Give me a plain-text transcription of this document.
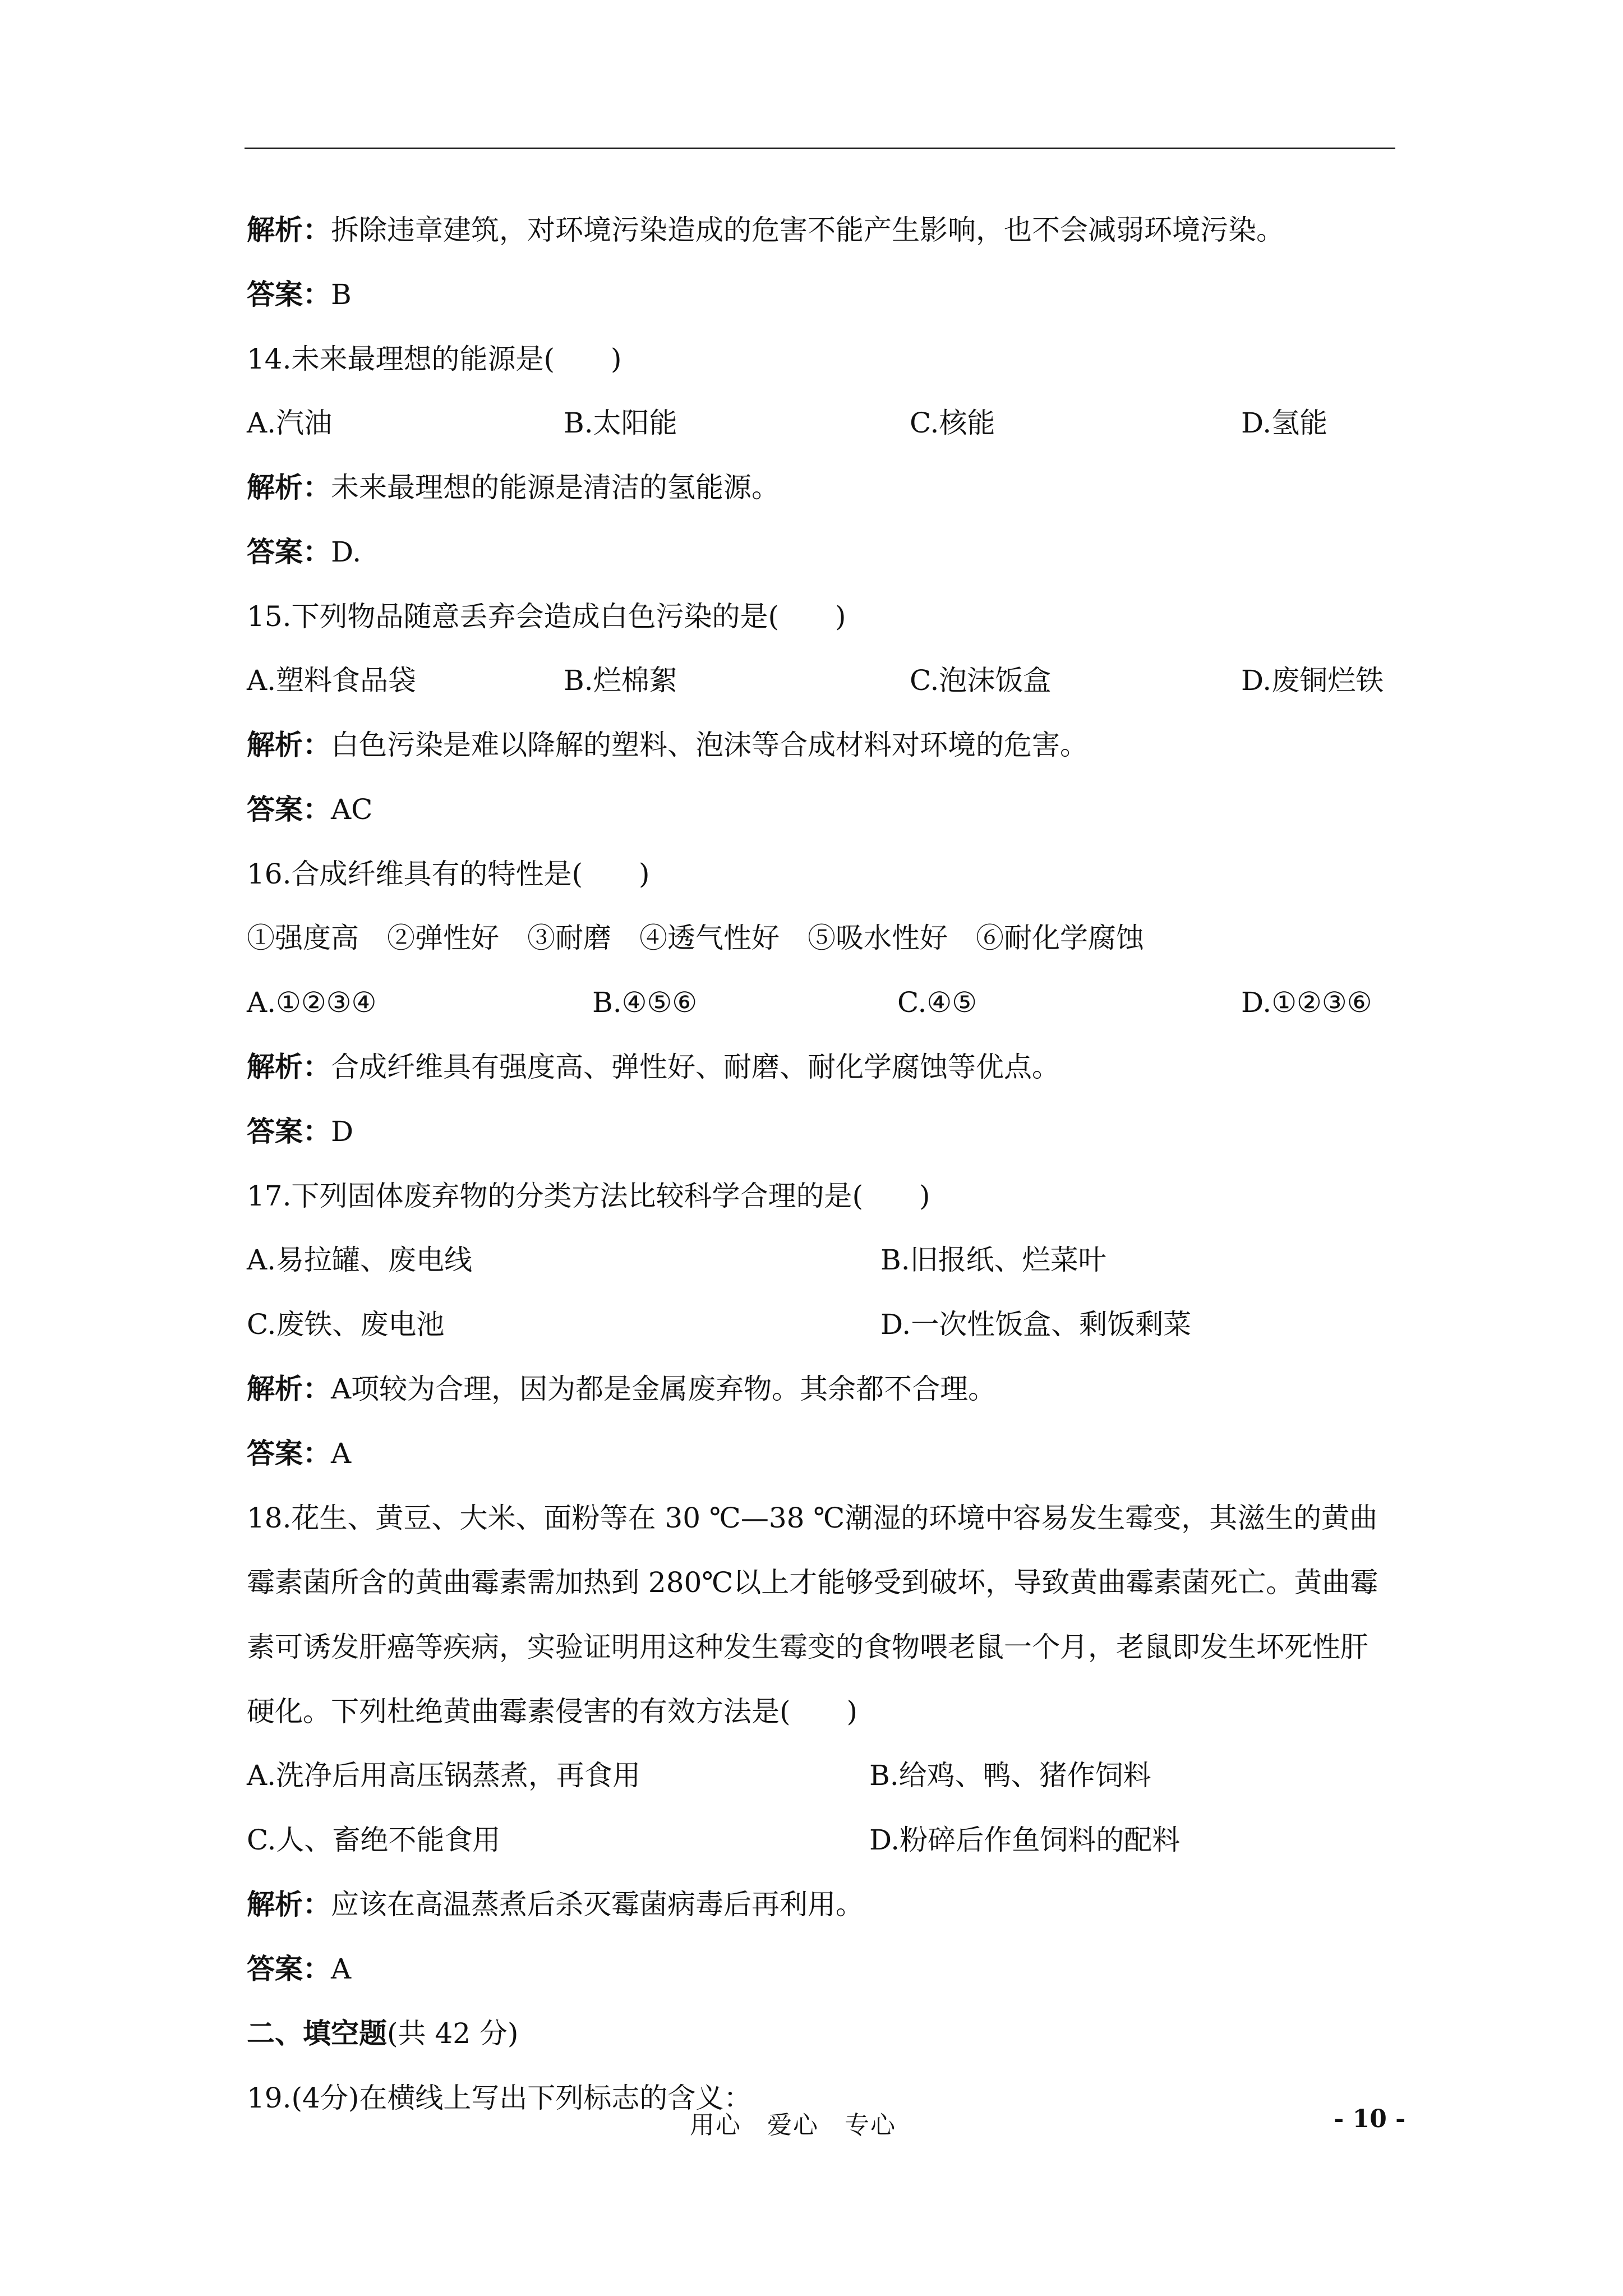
解析：拆除违章建筑，对环境污染造成的危害不能产生影响，也不会减弱环境污染。
答案：B
14.未来最理想的能源是(　　)
A.汽油	B.太阳能	C.核能	D.氢能
解析：未来最理想的能源是清洁的氢能源。
答案：D.
15.下列物品随意丢弃会造成白色污染的是(　　)
A.塑料食品袋	B.烂棉絮	C.泡沫饭盒	D.废铜烂铁
解析：白色污染是难以降解的塑料、泡沫等合成材料对环境的危害。
答案：AC
16.合成纤维具有的特性是(　　)
①强度高　②弹性好　③耐磨　④透气性好　⑤吸水性好　⑥耐化学腐蚀
A.①②③④	B.④⑤⑥	C.④⑤	D.①②③⑥
解析：合成纤维具有强度高、弹性好、耐磨、耐化学腐蚀等优点。
答案：D
17.下列固体废弃物的分类方法比较科学合理的是(　　)
A.易拉罐、废电线	B.旧报纸、烂菜叶
C.废铁、废电池	D.一次性饭盒、剩饭剩菜
解析：A项较为合理，因为都是金属废弃物。其余都不合理。
答案：A
18.花生、黄豆、大米、面粉等在 30 ℃—38 ℃潮湿的环境中容易发生霉变，其滋生的黄曲
霉素菌所含的黄曲霉素需加热到 280℃以上才能够受到破坏，导致黄曲霉素菌死亡。黄曲霉
素可诱发肝癌等疾病，实验证明用这种发生霉变的食物喂老鼠一个月，老鼠即发生坏死性肝
硬化。下列杜绝黄曲霉素侵害的有效方法是(　　)
A.洗净后用高压锅蒸煮，再食用	B.给鸡、鸭、猪作饲料
C.人、畜绝不能食用	D.粉碎后作鱼饲料的配料
解析：应该在高温蒸煮后杀灭霉菌病毒后再利用。
答案：A
二、填空题(共 42 分)
19.(4分)在横线上写出下列标志的含义：
用心　爱心　专心	- 10 -
